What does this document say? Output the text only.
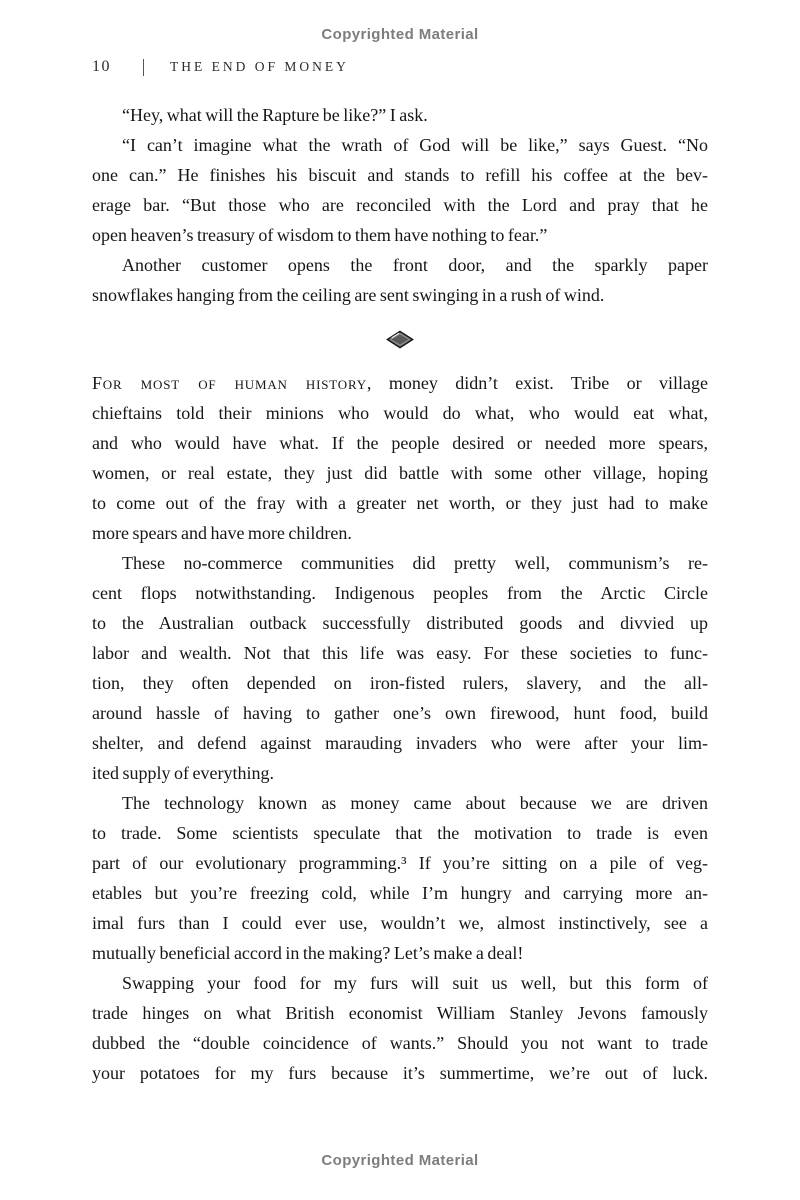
Copyrighted Material
10	THE END OF MONEY
“Hey, what will the Rapture be like?” I ask.
“I can’t imagine what the wrath of God will be like,” says Guest. “No
one can.” He finishes his biscuit and stands to refill his coffee at the bev-
erage bar. “But those who are reconciled with the Lord and pray that he
open heaven’s treasury of wisdom to them have nothing to fear.”
Another customer opens the front door, and the sparkly paper
snowflakes hanging from the ceiling are sent swinging in a rush of wind.
For most of human history, money didn’t exist. Tribe or village
chieftains told their minions who would do what, who would eat what,
and who would have what. If the people desired or needed more spears,
women, or real estate, they just did battle with some other village, hoping
to come out of the fray with a greater net worth, or they just had to make
more spears and have more children.
These no-commerce communities did pretty well, communism’s re-
cent flops notwithstanding. Indigenous peoples from the Arctic Circle
to the Australian outback successfully distributed goods and divvied up
labor and wealth. Not that this life was easy. For these societies to func-
tion, they often depended on iron-fisted rulers, slavery, and the all-
around hassle of having to gather one’s own firewood, hunt food, build
shelter, and defend against marauding invaders who were after your lim-
ited supply of everything.
The technology known as money came about because we are driven
to trade. Some scientists speculate that the motivation to trade is even
part of our evolutionary programming.³ If you’re sitting on a pile of veg-
etables but you’re freezing cold, while I’m hungry and carrying more an-
imal furs than I could ever use, wouldn’t we, almost instinctively, see a
mutually beneficial accord in the making? Let’s make a deal!
Swapping your food for my furs will suit us well, but this form of
trade hinges on what British economist William Stanley Jevons famously
dubbed the “double coincidence of wants.” Should you not want to trade
your potatoes for my furs because it’s summertime, we’re out of luck.
Copyrighted Material
